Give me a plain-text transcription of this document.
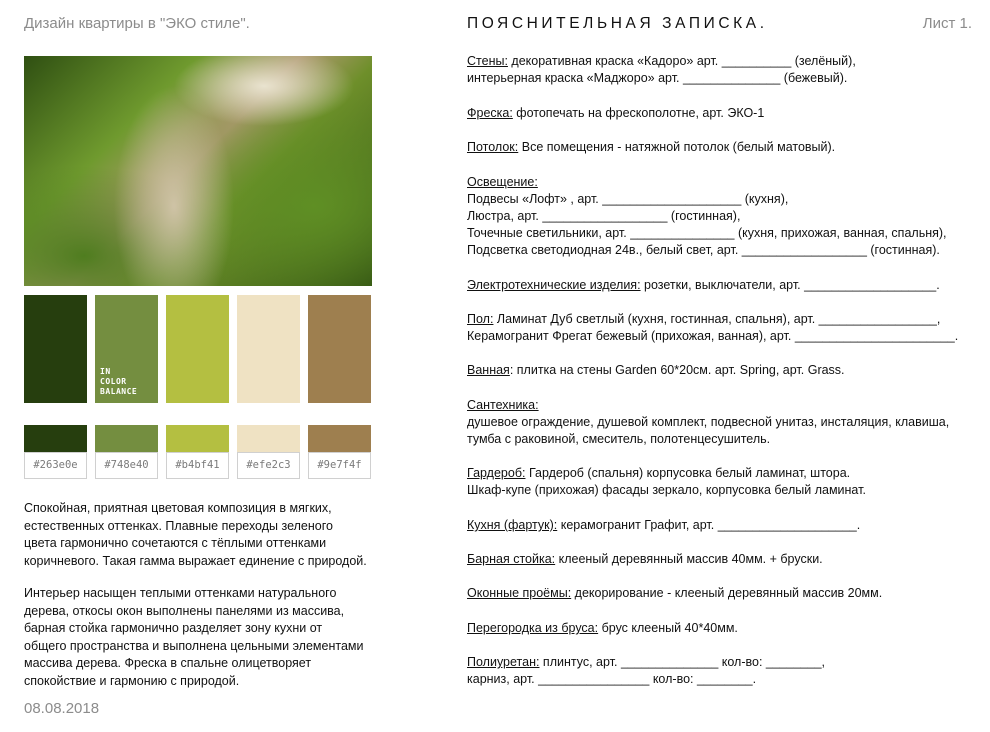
Дизайн квартиры в "ЭКО стиле".
IN
COLOR
BALANCE
#263e0e	#748e40	#b4bf41	#efe2c3	#9e7f4f
Спокойная, приятная цветовая композиция в мягких,
естественных оттенках. Плавные переходы зеленого
цвета гармонично сочетаются с тёплыми оттенками
коричневого. Такая гамма выражает единение с природой.
Интерьер насыщен теплыми оттенками натурального
дерева, откосы окон выполнены панелями из массива,
барная стойка гармонично разделяет зону кухни от
общего пространства и выполнена цельными элементами
массива дерева. Фреска в спальне олицетворяет
спокойствие и гармонию с природой.
08.08.2018
ПОЯСНИТЕЛЬНАЯ ЗАПИСКА.	Лист 1.
Стены: декоративная краска «Кадоро» арт. __________ (зелёный),
интерьерная краска «Маджоро» арт. ______________ (бежевый).
Фреска: фотопечать на фрескополотне, арт. ЭКО-1
Потолок: Все помещения - натяжной потолок (белый матовый).
Освещение:
Подвесы «Лофт» , арт. ____________________ (кухня),
Люстра, арт. __________________ (гостинная),
Точечные светильники, арт. _______________ (кухня, прихожая, ванная, спальня),
Подсветка светодиодная 24в., белый свет, арт. __________________ (гостинная).
Электротехнические изделия: розетки, выключатели, арт. ___________________.
Пол: Ламинат Дуб светлый (кухня, гостинная, спальня), арт. _________________,
Керамогранит Фрегат бежевый (прихожая, ванная), арт. _______________________.
Ванная: плитка на стены Garden 60*20см. арт. Spring, арт. Grass.
Сантехника:
душевое ограждение, душевой комплект, подвесной унитаз, инсталяция, клавиша,
тумба с раковиной, смеситель, полотенцесушитель.
Гардероб: Гардероб (спальня) корпусовка белый ламинат, штора.
Шкаф-купе (прихожая) фасады зеркало, корпусовка белый ламинат.
Кухня (фартук): керамогранит Графит, арт. ____________________.
Барная стойка: клееный деревянный массив 40мм. + бруски.
Оконные проёмы: декорирование - клееный деревянный массив 20мм.
Перегородка из бруса: брус клееный 40*40мм.
Полиуретан: плинтус, арт. ______________ кол-во: ________,
карниз, арт. ________________ кол-во: ________.
